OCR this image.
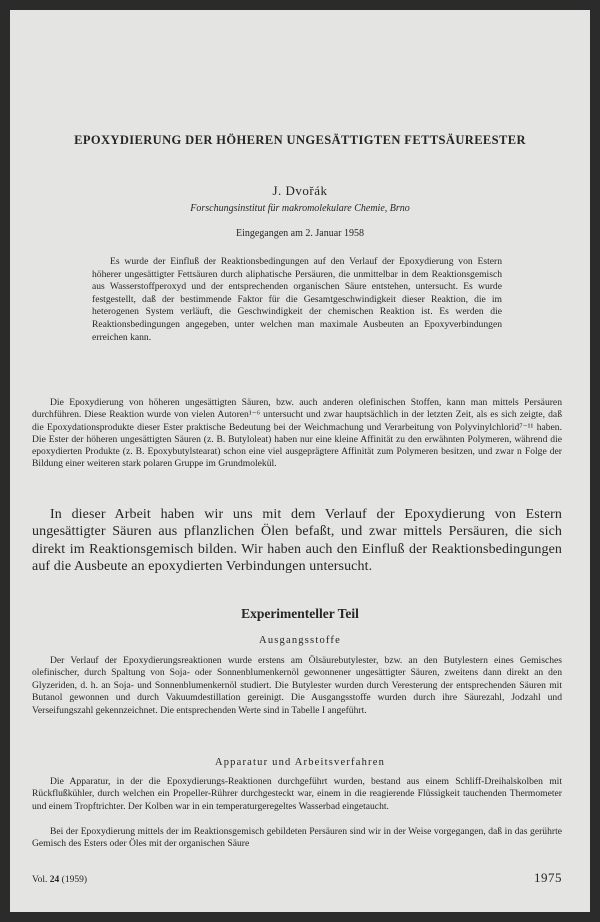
EPOXYDIERUNG DER HÖHEREN UNGESÄTTIGTEN FETTSÄUREESTER
J. Dvořák
Forschungsinstitut für makromolekulare Chemie, Brno
Eingegangen am 2. Januar 1958

Es wurde der Einfluß der Reaktionsbedingungen auf den Verlauf der Epoxydierung von Estern höherer ungesättigter Fettsäuren durch aliphatische Persäuren, die unmittelbar in dem Reaktionsgemisch aus Wasserstoffperoxyd und der entsprechenden organischen Säure entstehen, untersucht. Es wurde festgestellt, daß der bestimmende Faktor für die Gesamtgeschwindigkeit dieser Reaktion, die im heterogenen System verläuft, die Geschwindigkeit der chemischen Reaktion ist. Es werden die Reaktionsbedingungen angegeben, unter welchen man maximale Ausbeuten an Epoxyverbindungen erreichen kann.

Die Epoxydierung von höheren ungesättigten Säuren, bzw. auch anderen olefinischen Stoffen, kann man mittels Persäuren durchführen. Diese Reaktion wurde von vielen Autoren¹⁻⁶ untersucht und zwar hauptsächlich in der letzten Zeit, als es sich zeigte, daß die Epoxydationsprodukte dieser Ester praktische Bedeutung bei der Weichmachung und Verarbeitung von Polyvinylchlorid⁷⁻¹¹ haben. Die Ester der höheren ungesättigten Säuren (z. B. Butyloleat) haben nur eine kleine Affinität zu den erwähnten Polymeren, während die epoxydierten Produkte (z. B. Epoxybutylstearat) schon eine viel ausgeprägtere Affinität zum Polymeren besitzen, und zwar n Folge der Bildung einer weiteren stark polaren Gruppe im Grundmolekül.

In dieser Arbeit haben wir uns mit dem Verlauf der Epoxydierung von Estern ungesättigter Säuren aus pflanzlichen Ölen befaßt, und zwar mittels Persäuren, die sich direkt im Reaktionsgemisch bilden. Wir haben auch den Einfluß der Reaktionsbedingungen auf die Ausbeute an epoxydierten Verbindungen untersucht.

Experimenteller Teil
Ausgangsstoffe

Der Verlauf der Epoxydierungsreaktionen wurde erstens am Ölsäurebutylester, bzw. an den Butylestern eines Gemisches olefinischer, durch Spaltung von Soja- oder Sonnenblumenkernöl gewonnener ungesättigter Säuren, zweitens dann direkt an den Glyzeriden, d. h. an Soja- und Sonnenblumenkernöl studiert. Die Butylester wurden durch Veresterung der entsprechenden Säuren mit Butanol gewonnen und durch Vakuumdestillation gereinigt. Die Ausgangsstoffe wurden durch ihre Säurezahl, Jodzahl und Verseifungszahl gekennzeichnet. Die entsprechenden Werte sind in Tabelle I angeführt.

Apparatur und Arbeitsverfahren

Die Apparatur, in der die Epoxydierungs-Reaktionen durchgeführt wurden, bestand aus einem Schliff-Dreihalskolben mit Rückflußkühler, durch welchen ein Propeller-Rührer durchgesteckt war, einem in die reagierende Flüssigkeit tauchenden Thermometer und einem Tropftrichter. Der Kolben war in ein temperaturgeregeltes Wasserbad eingetaucht.

Bei der Epoxydierung mittels der im Reaktionsgemisch gebildeten Persäuren sind wir in der Weise vorgegangen, daß in das gerührte Gemisch des Esters oder Öles mit der organischen Säure

Vol. 24 (1959)	1975
